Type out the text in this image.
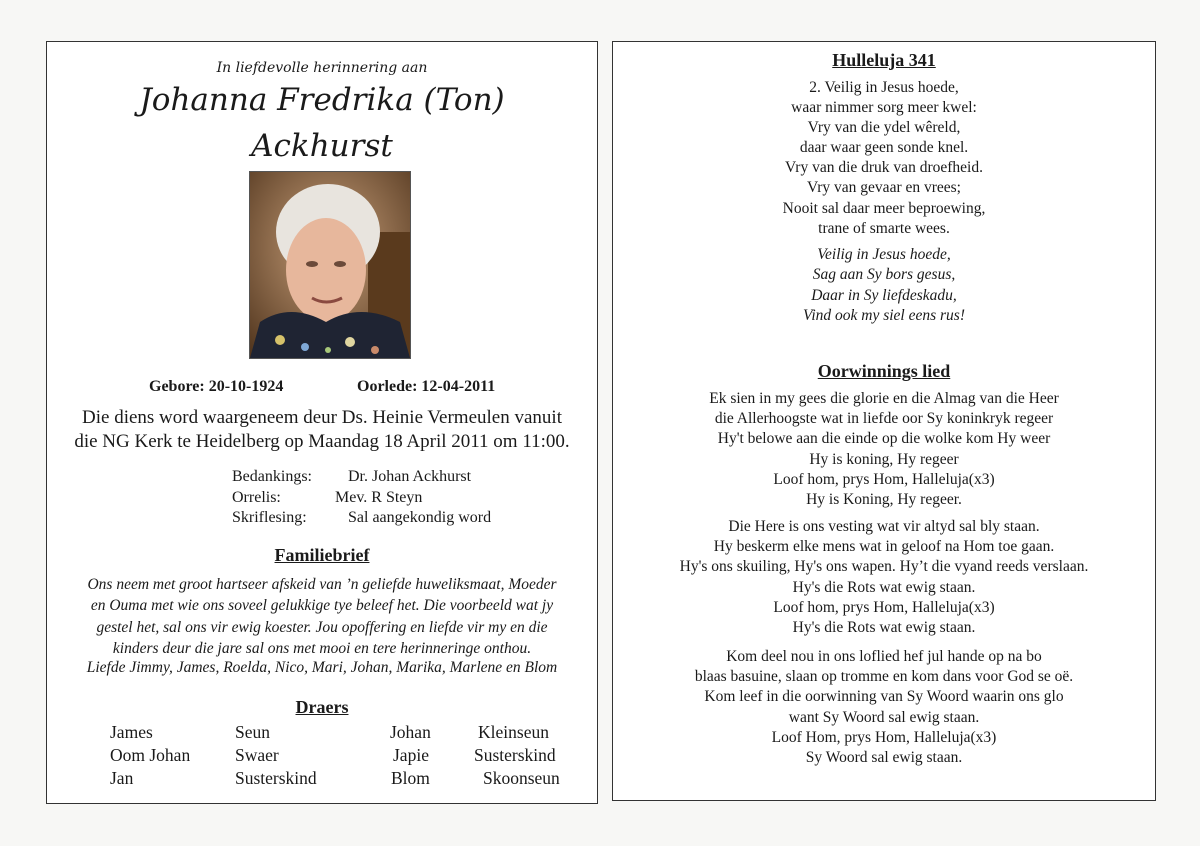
In liefdevolle herinnering aan
Johanna Fredrika (Ton)
Ackhurst
Gebore: 20-10-1924	Oorlede: 12-04-2011
Die diens word waargeneem deur Ds. Heinie Vermeulen vanuit
die NG Kerk te Heidelberg op Maandag 18 April 2011 om 11:00.
Bedankings: Dr. Johan Ackhurst
Orrelis:	Mev. R Steyn
Skriflesing:	Sal aangekondig word
Familiebrief
Ons neem met groot hartseer afskeid van ’n geliefde huweliksmaat, Moeder
en Ouma met wie ons soveel gelukkige tye beleef het. Die voorbeeld wat jy
gestel het, sal ons vir ewig koester. Jou opoffering en liefde vir my en die
kinders deur die jare sal ons met mooi en tere herinneringe onthou.
Liefde Jimmy, James, Roelda, Nico, Mari, Johan, Marika, Marlene en Blom
Draers
James	Seun	Johan	Kleinseun
Oom Johan	Swaer	Japie	Susterskind
Jan	Susterskind	Blom	Skoonseun
Hulleluja 341
2. Veilig in Jesus hoede,
waar nimmer sorg meer kwel:
Vry van die ydel wêreld,
daar waar geen sonde knel.
Vry van die druk van droefheid.
Vry van gevaar en vrees;
Nooit sal daar meer beproewing,
trane of smarte wees.
Veilig in Jesus hoede,
Sag aan Sy bors gesus,
Daar in Sy liefdeskadu,
Vind ook my siel eens rus!
Oorwinnings lied
Ek sien in my gees die glorie en die Almag van die Heer
die Allerhoogste wat in liefde oor Sy koninkryk regeer
Hy't belowe aan die einde op die wolke kom Hy weer
Hy is koning, Hy regeer
Loof hom, prys Hom, Halleluja(x3)
Hy is Koning, Hy regeer.
Die Here is ons vesting wat vir altyd sal bly staan.
Hy beskerm elke mens wat in geloof na Hom toe gaan.
Hy's ons skuiling, Hy's ons wapen. Hy’t die vyand reeds verslaan.
Hy's die Rots wat ewig staan.
Loof hom, prys Hom, Halleluja(x3)
Hy's die Rots wat ewig staan.
Kom deel nou in ons loflied hef jul hande op na bo
blaas basuine, slaan op tromme en kom dans voor God se oë.
Kom leef in die oorwinning van Sy Woord waarin ons glo
want Sy Woord sal ewig staan.
Loof Hom, prys Hom, Halleluja(x3)
Sy Woord sal ewig staan.
